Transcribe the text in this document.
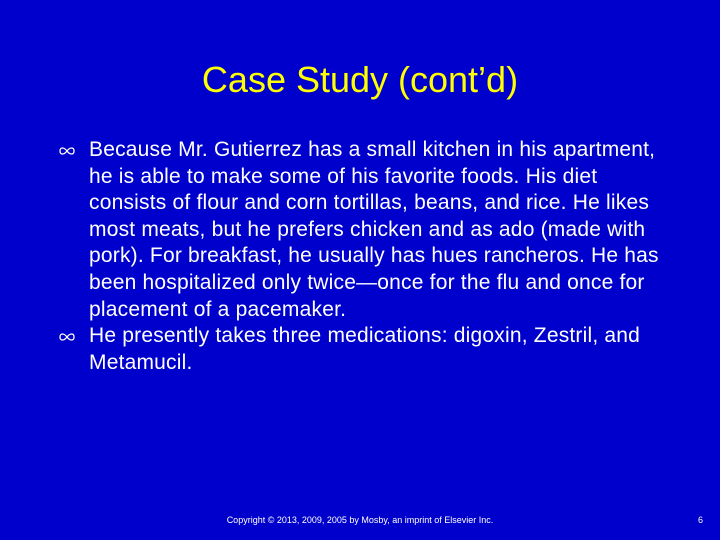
Case Study (cont’d)
Because Mr. Gutierrez has a small kitchen in his apartment, he is able to make some of his favorite foods. His diet consists of flour and corn tortillas, beans, and rice. He likes most meats, but he prefers chicken and as ado (made with pork). For breakfast, he usually has hues rancheros. He has been hospitalized only twice—once for the flu and once for placement of a pacemaker.
He presently takes three medications: digoxin, Zestril, and Metamucil.
Copyright © 2013, 2009, 2005 by Mosby, an imprint of Elsevier Inc.	6
